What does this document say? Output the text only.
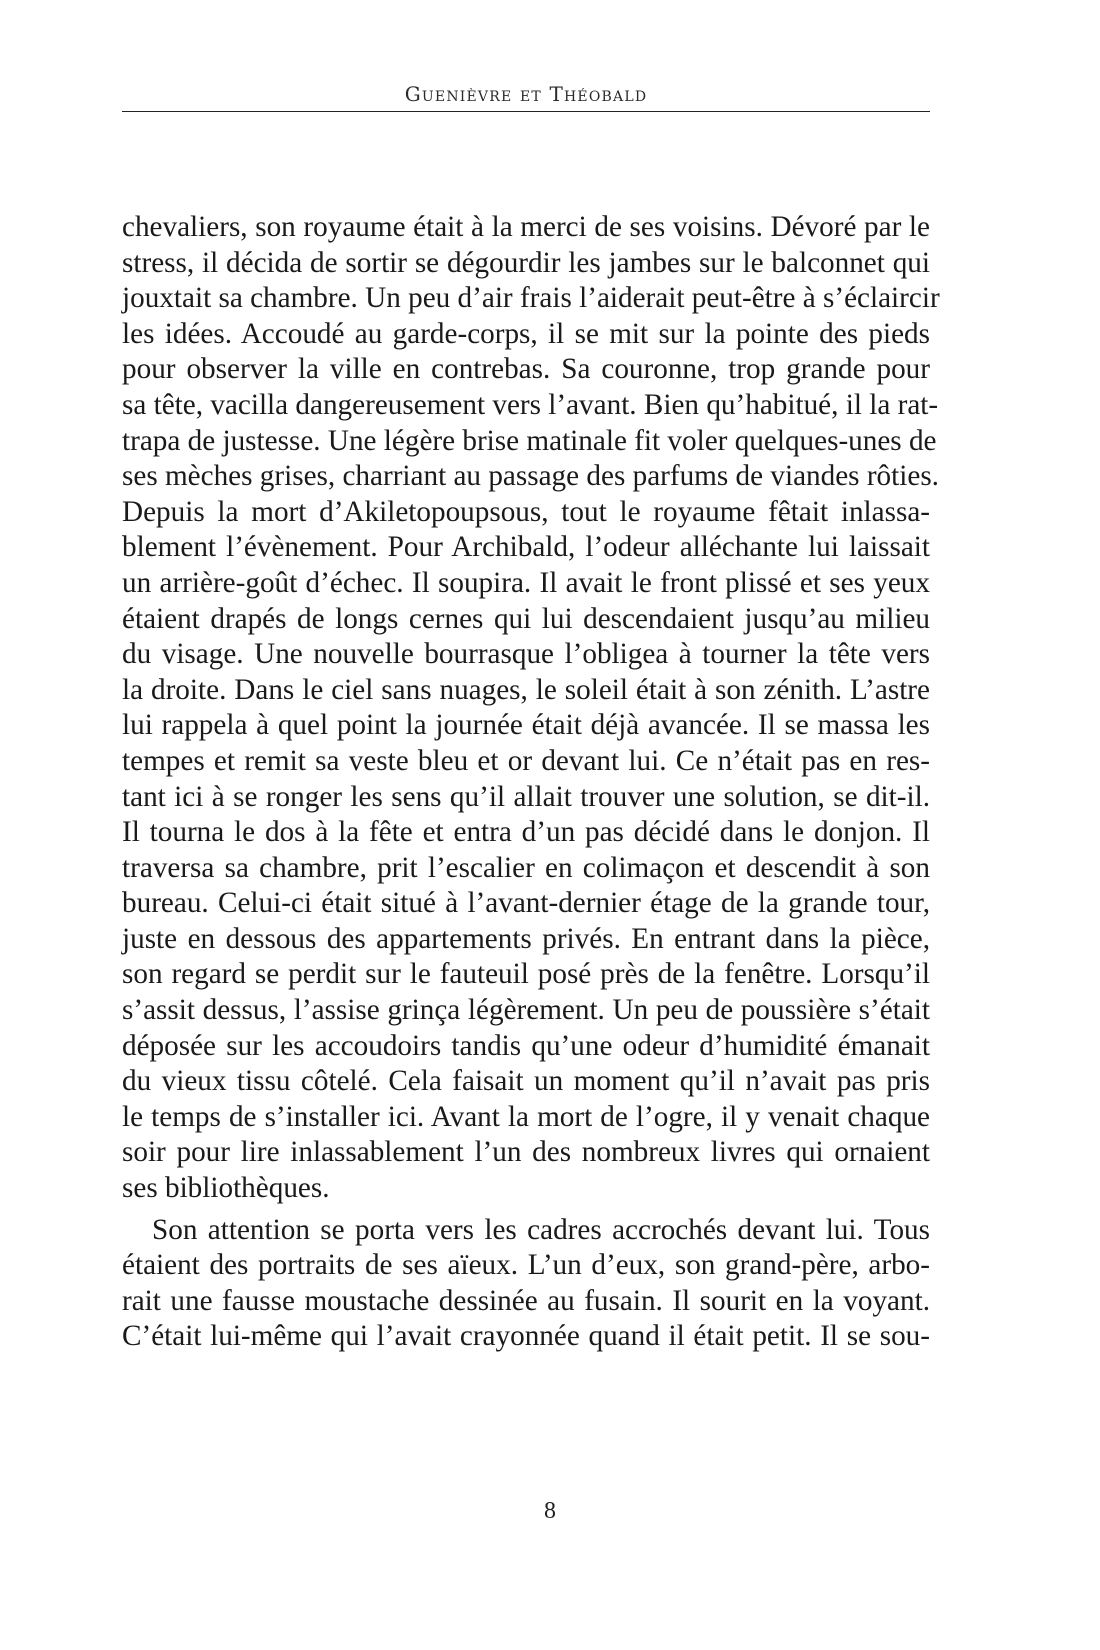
Guenièvre et Théobald
chevaliers, son royaume était à la merci de ses voisins. Dévoré par le
stress, il décida de sortir se dégourdir les jambes sur le balconnet qui
jouxtait sa chambre. Un peu d’air frais l’aiderait peut-être à s’éclaircir
les idées. Accoudé au garde-corps, il se mit sur la pointe des pieds
pour observer la ville en contrebas. Sa couronne, trop grande pour
sa tête, vacilla dangereusement vers l’avant. Bien qu’habitué, il la rat-
trapa de justesse. Une légère brise matinale fit voler quelques-unes de
ses mèches grises, charriant au passage des parfums de viandes rôties.
Depuis la mort d’Akiletopoupsous, tout le royaume fêtait inlassa-
blement l’évènement. Pour Archibald, l’odeur alléchante lui laissait
un arrière-goût d’échec. Il soupira. Il avait le front plissé et ses yeux
étaient drapés de longs cernes qui lui descendaient jusqu’au milieu
du visage. Une nouvelle bourrasque l’obligea à tourner la tête vers
la droite. Dans le ciel sans nuages, le soleil était à son zénith. L’astre
lui rappela à quel point la journée était déjà avancée. Il se massa les
tempes et remit sa veste bleu et or devant lui. Ce n’était pas en res-
tant ici à se ronger les sens qu’il allait trouver une solution, se dit-il.
Il tourna le dos à la fête et entra d’un pas décidé dans le donjon. Il
traversa sa chambre, prit l’escalier en colimaçon et descendit à son
bureau. Celui-ci était situé à l’avant-dernier étage de la grande tour,
juste en dessous des appartements privés. En entrant dans la pièce,
son regard se perdit sur le fauteuil posé près de la fenêtre. Lorsqu’il
s’assit dessus, l’assise grinça légèrement. Un peu de poussière s’était
déposée sur les accoudoirs tandis qu’une odeur d’humidité émanait
du vieux tissu côtelé. Cela faisait un moment qu’il n’avait pas pris
le temps de s’installer ici. Avant la mort de l’ogre, il y venait chaque
soir pour lire inlassablement l’un des nombreux livres qui ornaient
ses bibliothèques.
Son attention se porta vers les cadres accrochés devant lui. Tous
étaient des portraits de ses aïeux. L’un d’eux, son grand-père, arbo-
rait une fausse moustache dessinée au fusain. Il sourit en la voyant.
C’était lui-même qui l’avait crayonnée quand il était petit. Il se sou-
8
